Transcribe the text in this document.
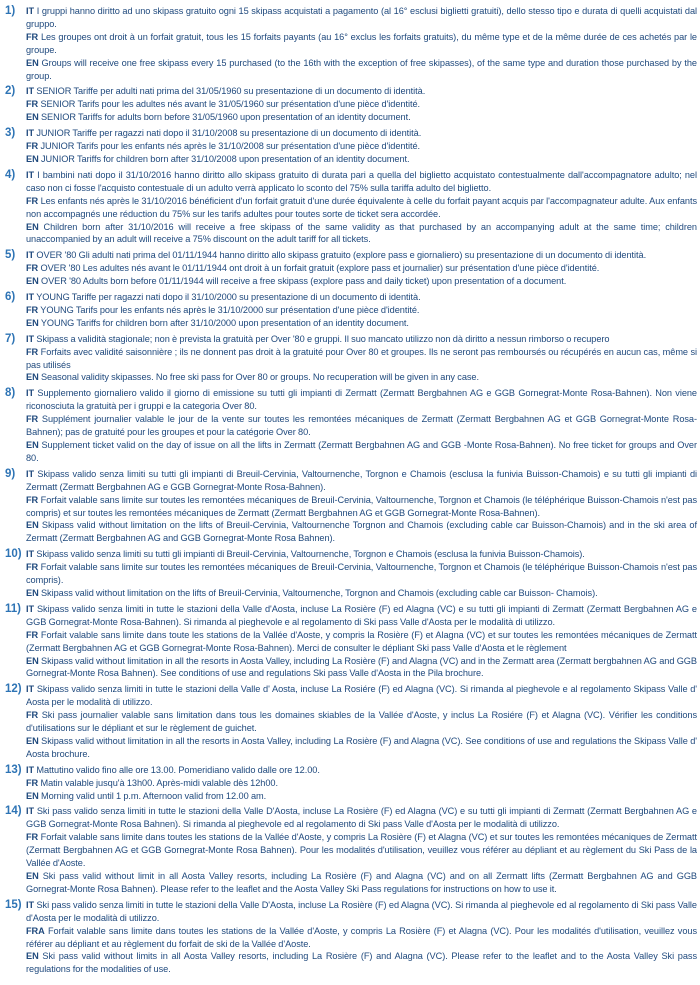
1)	IT I gruppi hanno diritto ad uno skipass gratuito ogni 15 skipass acquistati a pagamento (al 16° esclusi biglietti gratuiti), dello stesso tipo e durata di quelli acquistati dal gruppo.

FR Les groupes ont droit à un forfait gratuit, tous les 15 forfaits payants (au 16° exclus les forfaits gratuits), du même type et de la même durée de ces achetés par le groupe.

EN Groups will receive one free skipass every 15 purchased (to the 16th with the exception of free skipasses), of the same type and duration those purchased by the group.

2)	IT SENIOR Tariffe per adulti nati prima del 31/05/1960 su presentazione di un documento di identità.

FR SENIOR Tarifs pour les adultes nés avant le 31/05/1960 sur présentation d'une pièce d'identité.

EN SENIOR Tariffs for adults born before 31/05/1960 upon presentation of an identity document.

3)	IT JUNIOR Tariffe per ragazzi nati dopo il 31/10/2008 su presentazione di un documento di identità.

FR JUNIOR Tarifs pour les enfants nés après le 31/10/2008 sur présentation d'une pièce d'identité.

EN JUNIOR Tariffs for children born after 31/10/2008 upon presentation of an identity document.

4)	IT I bambini nati dopo il 31/10/2016 hanno diritto allo skipass gratuito di durata pari a quella del biglietto acquistato contestualmente dall'accompagnatore adulto; nel caso non ci fosse l'acquisto contestuale di un adulto verrà applicato lo sconto del 75% sulla tariffa adulto del biglietto.

FR Les enfants nés après le 31/10/2016 bénéficient d'un forfait gratuit d'une durée équivalente à celle du forfait payant acquis par l'accompagnateur adulte. Aux enfants non accompagnés une réduction du 75% sur les tarifs adultes pour toutes sorte de ticket sera accordée.

EN Children born after 31/10/2016 will receive a free skipass of the same validity as that purchased by an accompanying adult at the same time; children unaccompanied by an adult will receive a 75% discount on the adult tariff for all tickets.

5)	IT OVER '80 Gli adulti nati prima del 01/11/1944 hanno diritto allo skipass gratuito (explore pass e giornaliero) su presentazione di un documento di identità.

FR OVER '80 Les adultes nés avant le 01/11/1944 ont droit à un forfait gratuit (explore pass et journalier) sur présentation d'une pièce d'identité.

EN OVER '80 Adults born before 01/11/1944 will receive a free skipass (explore pass and daily ticket) upon presentation of a document.

6)	IT YOUNG Tariffe per ragazzi nati dopo il 31/10/2000 su presentazione di un documento di identità.

FR YOUNG Tarifs pour les enfants nés après le 31/10/2000 sur présentation d'une pièce d'identité.

EN YOUNG Tariffs for children born after 31/10/2000 upon presentation of an identity document.

7)	IT Skipass a validità stagionale; non è prevista la gratuità per Over '80 e gruppi. Il suo mancato utilizzo non dà diritto a nessun rimborso o recupero

FR Forfaits avec validité saisonnière ; ils ne donnent pas droit à la gratuité pour Over 80 et groupes. Ils ne seront pas remboursés ou récupérés en aucun cas, même si pas utilisés

EN Seasonal validity skipasses. No free ski pass for Over 80 or groups. No recuperation will be given in any case.

8)	IT Supplemento giornaliero valido il giorno di emissione su tutti gli impianti di Zermatt (Zermatt Bergbahnen AG e GGB Gornegrat-Monte Rosa-Bahnen). Non viene riconosciuta la gratuità per i gruppi e la categoria Over 80.

FR Supplément journalier valable le jour de la vente sur toutes les remontées mécaniques de Zermatt (Zermatt Bergbahnen AG et GGB Gornegrat-Monte Rosa-Bahnen); pas de gratuité pour les groupes et pour la catégorie Over 80.

EN Supplement ticket valid on the day of issue on all the lifts in Zermatt (Zermatt Bergbahnen AG and GGB -Monte Rosa-Bahnen). No free ticket for groups and Over 80.

9)	IT Skipass valido senza limiti su tutti gli impianti di Breuil-Cervinia, Valtournenche, Torgnon e Chamois (esclusa la funivia Buisson-Chamois) e su tutti gli impianti di Zermatt (Zermatt Bergbahnen AG e GGB Gornegrat-Monte Rosa-Bahnen).

FR Forfait valable sans limite sur toutes les remontées mécaniques de Breuil-Cervinia, Valtournenche, Torgnon et Chamois (le téléphérique Buisson-Chamois n'est pas compris) et sur toutes les remontées mécaniques de Zermatt (Zermatt Bergbahnen AG et GGB Gornegrat-Monte Rosa-Bahnen).

EN Skipass valid without limitation on the lifts of Breuil-Cervinia, Valtournenche Torgnon and Chamois (excluding cable car Buisson-Chamois) and in the ski area of Zermatt (Zermatt Bergbahnen AG and GGB Gornegrat-Monte Rosa Bahnen).

10) IT Skipass valido senza limiti su tutti gli impianti di Breuil-Cervinia, Valtournenche, Torgnon e Chamois (esclusa la funivia Buisson-Chamois).

FR Forfait valable sans limite sur toutes les remontées mécaniques de Breuil-Cervinia, Valtournenche, Torgnon et Chamois (le téléphérique Buisson-Chamois n'est pas compris).

EN Skipass valid without limitation on the lifts of Breuil-Cervinia, Valtournenche, Torgnon and Chamois (excluding cable car Buisson- Chamois).

11) IT Skipass valido senza limiti in tutte le stazioni della Valle d'Aosta, incluse La Rosière (F) ed Alagna (VC) e su tutti gli impianti di Zermatt (Zermatt Bergbahnen AG e GGB Gornegrat-Monte Rosa-Bahnen). Si rimanda al pieghevole e al regolamento di Ski pass Valle d'Aosta per le modalità di utilizzo.

FR Forfait valable sans limite dans toute les stations de la Vallée d'Aoste, y compris la Rosière (F) et Alagna (VC) et sur toutes les remontées mécaniques de Zermatt (Zermatt Bergbahnen AG et GGB Gornegrat-Monte Rosa-Bahnen). Merci de consulter le dépliant Ski pass Valle d'Aosta et le règlement

EN Skipass valid without limitation in all the resorts in Aosta Valley, including La Rosière (F) and Alagna (VC) and in the Zermatt area (Zermatt bergbahnen AG and GGB Gornegrat-Monte Rosa Bahnen). See conditions of use and regulations Ski pass Valle d'Aosta in the Pila brochure.

12) IT Skipass valido senza limiti in tutte le stazioni della Valle d' Aosta, incluse La Rosiére (F) ed Alagna (VC). Si rimanda al pieghevole e al regolamento Skipass Valle d' Aosta per le modalità di utilizzo.

FR Ski pass journalier valable sans limitation dans tous les domaines skiables de la Vallée d'Aoste, y inclus La Rosiére (F) et Alagna (VC). Vérifier les conditions d'utilisations sur le dépliant et sur le règlement de guichet.

EN Skipass valid without limitation in all the resorts in Aosta Valley, including La Rosière (F) and Alagna (VC). See conditions of use and regulations the Skipass Valle d' Aosta brochure.

13) IT Mattutino valido fino alle ore 13.00. Pomeridiano valido dalle ore 12.00.

FR Matin valable jusqu'à 13h00. Après-midi valable dès 12h00.

EN Morning valid until 1 p.m. Afternoon valid from 12.00 am.

14) IT Ski pass valido senza limiti in tutte le stazioni della Valle D'Aosta, incluse La Rosière (F) ed Alagna (VC) e su tutti gli impianti di Zermatt (Zermatt Bergbahnen AG e GGB Gornegrat-Monte Rosa Bahnen). Si rimanda al pieghevole ed al regolamento di Ski pass Valle d'Aosta per le modalità di utilizzo.

FR Forfait valable sans limite dans toutes les stations de la Vallée d'Aoste, y compris La Rosière (F) et Alagna (VC) et sur toutes les remontées mécaniques de Zermatt (Zermatt Bergbahnen AG et GGB Gornegrat-Monte Rosa Bahnen). Pour les modalités d'utilisation, veuillez vous référer au dépliant et au règlement du Ski Pass de la Vallée d'Aoste.

EN Ski pass valid without limit in all Aosta Valley resorts, including La Rosière (F) and Alagna (VC) and on all Zermatt lifts (Zermatt Bergbahnen AG and GGB Gornegrat-Monte Rosa Bahnen). Please refer to the leaflet and the Aosta Valley Ski Pass regulations for instructions on how to use it.

15) IT Ski pass valido senza limiti in tutte le stazioni della Valle D'Aosta, incluse La Rosière (F) ed Alagna (VC). Si rimanda al pieghevole ed al regolamento di Ski pass Valle d'Aosta per le modalità di utilizzo.

FRA Forfait valable sans limite dans toutes les stations de la Vallée d'Aoste, y compris La Rosière (F) et Alagna (VC). Pour les modalités d'utilisation, veuillez vous référer au dépliant et au règlement du forfait de ski de la Vallée d'Aoste.

EN Ski pass valid without limits in all Aosta Valley resorts, including La Rosière (F) and Alagna (VC). Please refer to the leaflet and to the Aosta Valley Ski pass regulations for the modalities of use.
